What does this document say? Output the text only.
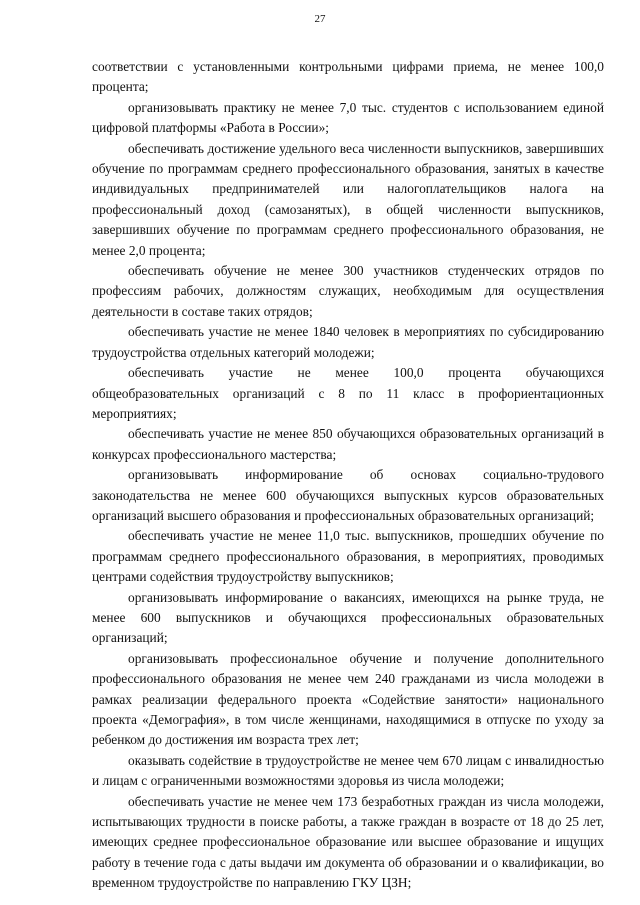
27

соответствии с установленными контрольными цифрами приема, не менее 100,0 процента;

организовывать практику не менее 7,0 тыс. студентов с использованием единой цифровой платформы «Работа в России»;

обеспечивать достижение удельного веса численности выпускников, завершивших обучение по программам среднего профессионального образования, занятых в качестве индивидуальных предпринимателей или налогоплательщиков налога на профессиональный доход (самозанятых), в общей численности выпускников, завершивших обучение по программам среднего профессионального образования, не менее 2,0 процента;

обеспечивать обучение не менее 300 участников студенческих отрядов по профессиям рабочих, должностям служащих, необходимым для осуществления деятельности в составе таких отрядов;

обеспечивать участие не менее 1840 человек в мероприятиях по субсидированию трудоустройства отдельных категорий молодежи;

обеспечивать участие не менее 100,0 процента обучающихся общеобразовательных организаций с 8 по 11 класс в профориентационных мероприятиях;

обеспечивать участие не менее 850 обучающихся образовательных организаций в конкурсах профессионального мастерства;

организовывать информирование об основах социально-трудового законодательства не менее 600 обучающихся выпускных курсов образовательных организаций высшего образования и профессиональных образовательных организаций;

обеспечивать участие не менее 11,0 тыс. выпускников, прошедших обучение по программам среднего профессионального образования, в мероприятиях, проводимых центрами содействия трудоустройству выпускников;

организовывать информирование о вакансиях, имеющихся на рынке труда, не менее 600 выпускников и обучающихся профессиональных образовательных организаций;

организовывать профессиональное обучение и получение дополнительного профессионального образования не менее чем 240 гражданами из числа молодежи в рамках реализации федерального проекта «Содействие занятости» национального проекта «Демография», в том числе женщинами, находящимися в отпуске по уходу за ребенком до достижения им возраста трех лет;

оказывать содействие в трудоустройстве не менее чем 670 лицам с инвалидностью и лицам с ограниченными возможностями здоровья из числа молодежи;

обеспечивать участие не менее чем 173 безработных граждан из числа молодежи, испытывающих трудности в поиске работы, а также граждан в возрасте от 18 до 25 лет, имеющих среднее профессиональное образование или высшее образование и ищущих работу в течение года с даты выдачи им документа об образовании и о квалификации, во временном трудоустройстве по направлению ГКУ ЦЗН;
